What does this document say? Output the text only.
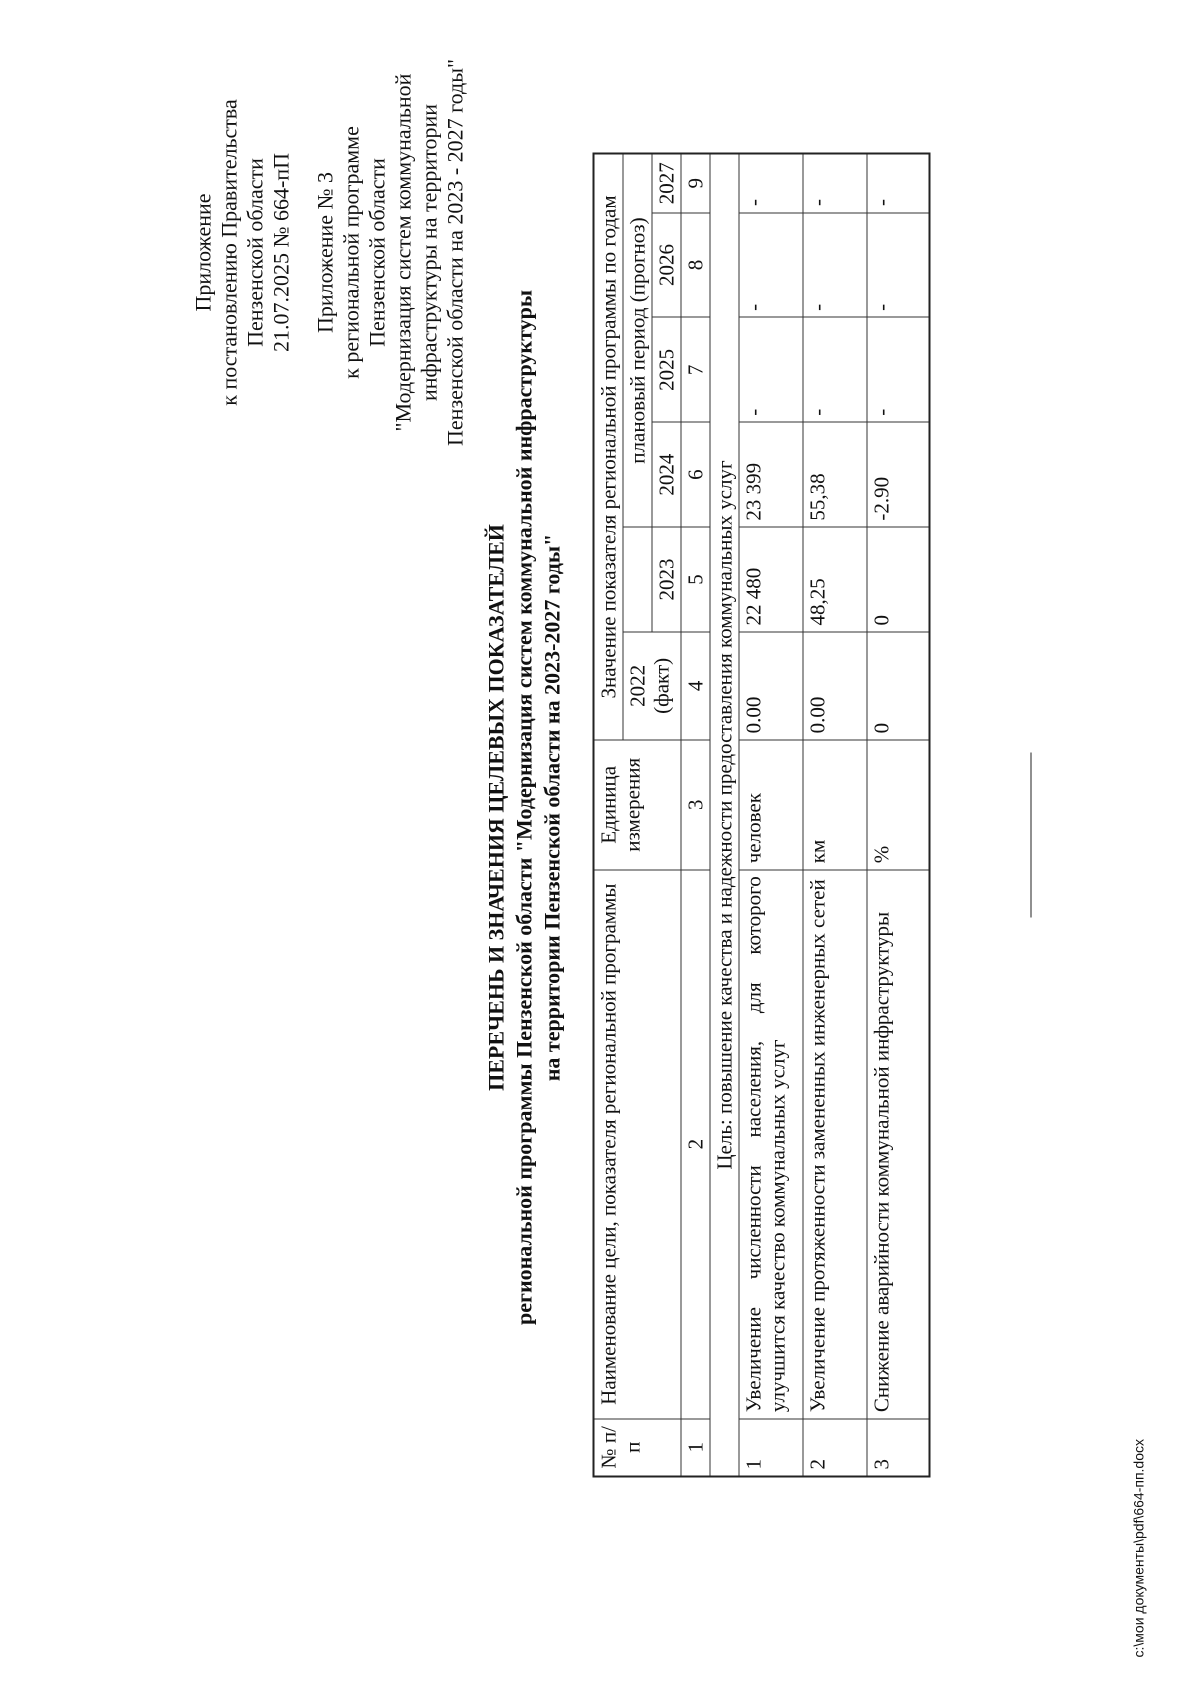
Приложение к постановлению Правительства Пензенской области 21.07.2025 № 664-пП Приложение № 3 к региональной программе Пензенской области "Модернизация систем коммунальной инфраструктуры на территории Пензенской области на 2023 - 2027 годы"
ПЕРЕЧЕНЬ И ЗНАЧЕНИЯ ЦЕЛЕВЫХ ПОКАЗАТЕЛЕЙ региональной программы Пензенской области "Модернизация систем коммунальной инфраструктуры на территории Пензенской области на 2023-2027 годы"
№ п/п	Наименование цели, показателя региональной программы	Единица измерения	Значение показателя региональной программы по годам					
			2022 (факт)		плановый период (прогноз)			
				2023	2024	2025	2026	2027
1	2	3	4	5	6	7	8	9
Цель: повышение качества и надежности предоставления коммунальных услуг								
1	Увеличение численности населения, для которого улучшится качество коммунальных услуг	человек	0.00	22 480	23 399	-	-	-
2	Увеличение протяженности замененных инженерных сетей	км	0.00	48,25	55,38	-	-	-
3	Снижение аварийности коммунальной инфраструктуры	%	0	0	-2.90	-	-	-
c:\мои документы\pdf\664-пп.docx
